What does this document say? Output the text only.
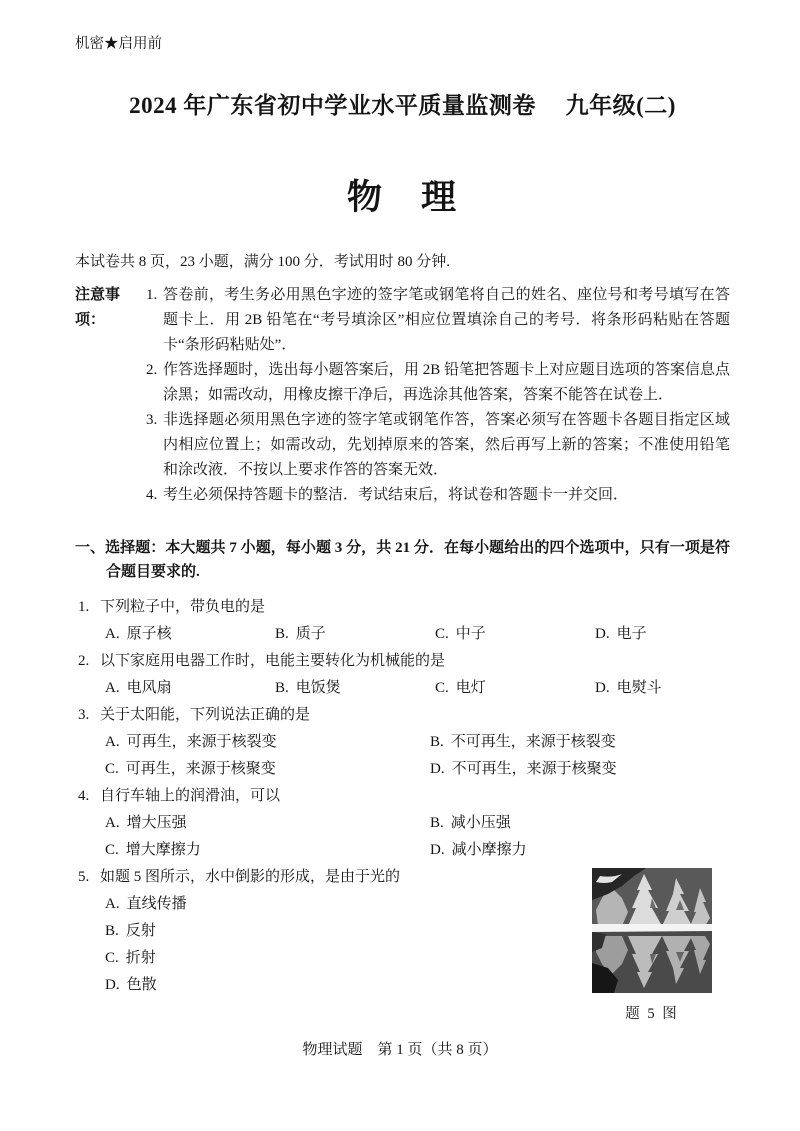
机密★启用前
2024 年广东省初中学业水平质量监测卷　 九年级(二)
物　理

本试卷共 8 页，23 小题，满分 100 分．考试用时 80 分钟.

注意事项：
1. 答卷前，考生务必用黑色字迹的签字笔或钢笔将自己的姓名、座位号和考号填写在答题卡上．用 2B 铅笔在“考号填涂区”相应位置填涂自己的考号．将条形码粘贴在答题卡“条形码粘贴处”．
2. 作答选择题时，选出每小题答案后，用 2B 铅笔把答题卡上对应题目选项的答案信息点涂黑；如需改动，用橡皮擦干净后，再选涂其他答案，答案不能答在试卷上．
3. 非选择题必须用黑色字迹的签字笔或钢笔作答，答案必须写在答题卡各题目指定区域内相应位置上；如需改动，先划掉原来的答案，然后再写上新的答案；不准使用铅笔和涂改液．不按以上要求作答的答案无效．
4. 考生必须保持答题卡的整洁．考试结束后，将试卷和答题卡一并交回．
一、选择题：本大题共 7 小题，每小题 3 分，共 21 分．在每小题给出的四个选项中，只有一项是符合题目要求的.
1. 下列粒子中，带负电的是
A. 原子核	B. 质子	C. 中子	D. 电子
2. 以下家庭用电器工作时，电能主要转化为机械能的是
A. 电风扇	B. 电饭煲	C. 电灯	D. 电熨斗
3. 关于太阳能，下列说法正确的是
A. 可再生，来源于核裂变	B. 不可再生，来源于核裂变
C. 可再生，来源于核聚变	D. 不可再生，来源于核聚变
4. 自行车轴上的润滑油，可以
A. 增大压强	B. 减小压强
C. 增大摩擦力	D. 减小摩擦力
5. 如题 5 图所示，水中倒影的形成，是由于光的
A. 直线传播
B. 反射
C. 折射
D. 色散
题 5 图
物理试题　第 1 页（共 8 页）
